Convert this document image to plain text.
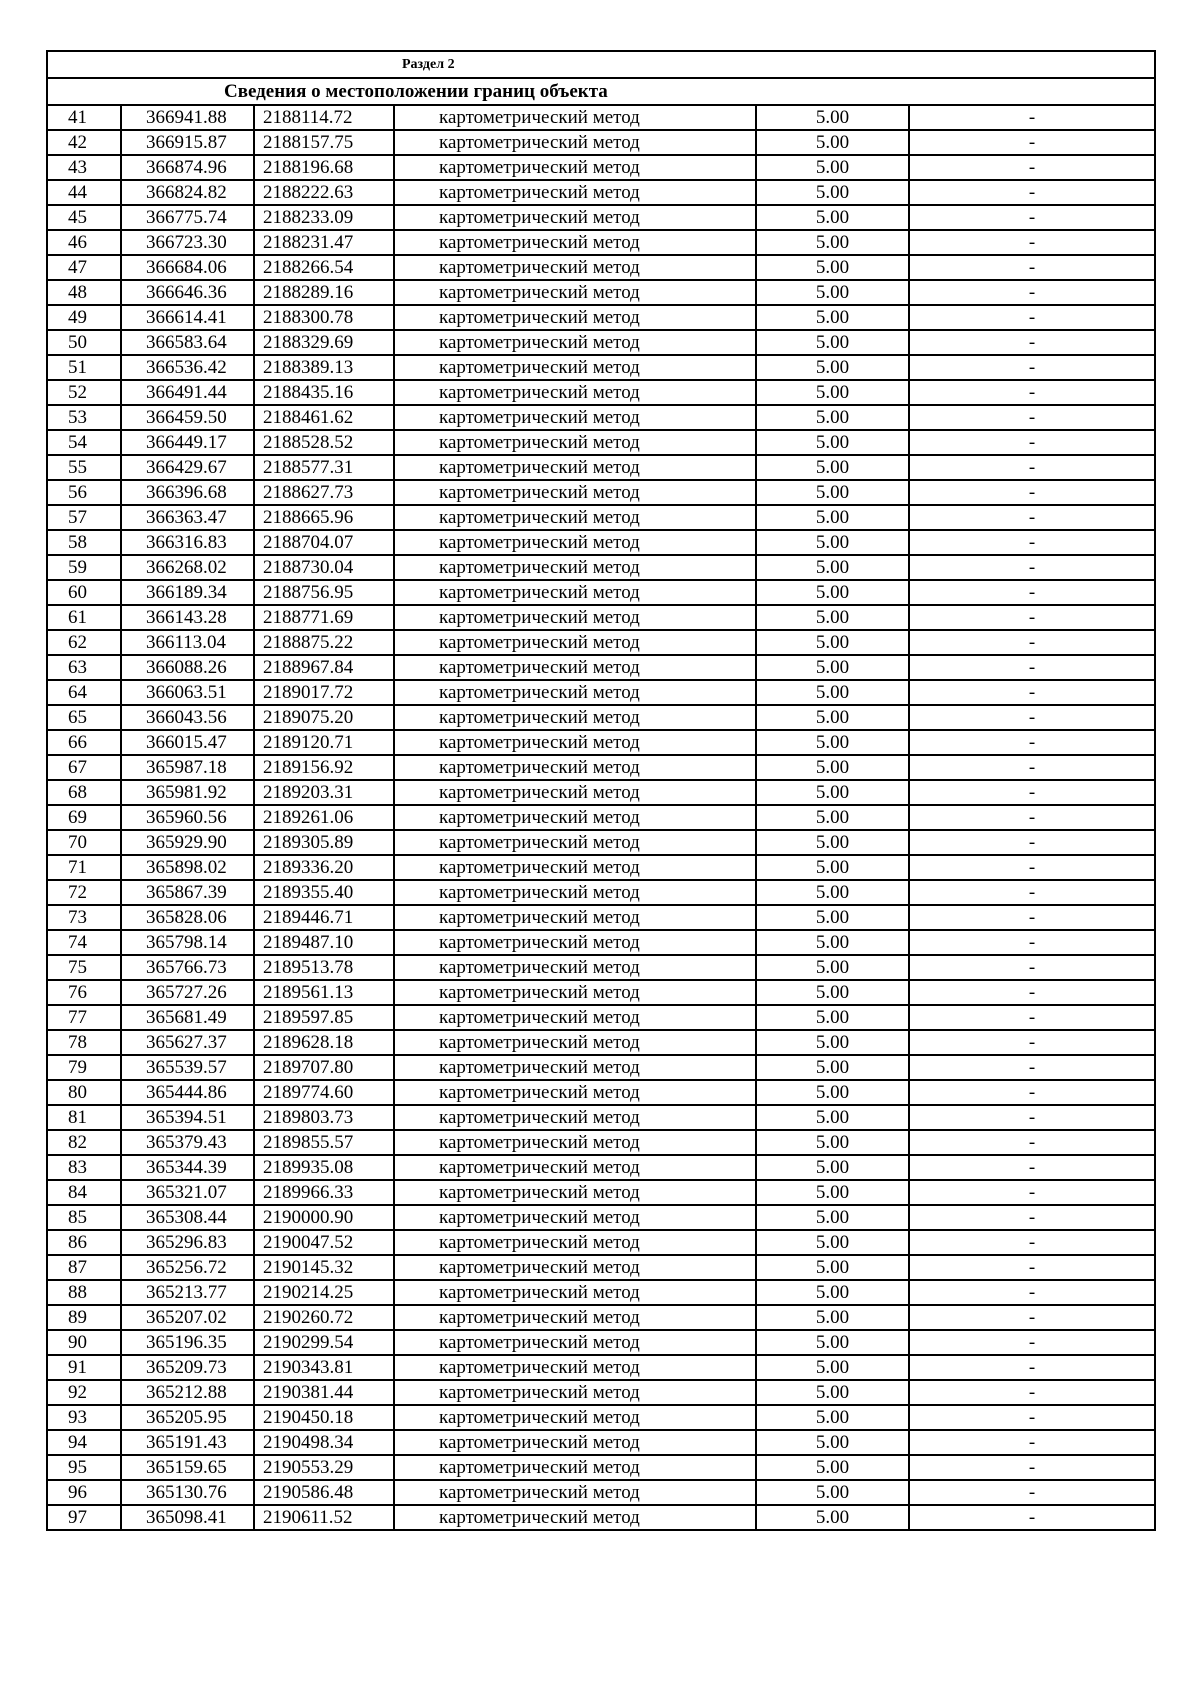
Раздел 2					
Сведения о местоположении границ объекта					
41	366941.88	2188114.72	картометрический метод	5.00	-
42	366915.87	2188157.75	картометрический метод	5.00	-
43	366874.96	2188196.68	картометрический метод	5.00	-
44	366824.82	2188222.63	картометрический метод	5.00	-
45	366775.74	2188233.09	картометрический метод	5.00	-
46	366723.30	2188231.47	картометрический метод	5.00	-
47	366684.06	2188266.54	картометрический метод	5.00	-
48	366646.36	2188289.16	картометрический метод	5.00	-
49	366614.41	2188300.78	картометрический метод	5.00	-
50	366583.64	2188329.69	картометрический метод	5.00	-
51	366536.42	2188389.13	картометрический метод	5.00	-
52	366491.44	2188435.16	картометрический метод	5.00	-
53	366459.50	2188461.62	картометрический метод	5.00	-
54	366449.17	2188528.52	картометрический метод	5.00	-
55	366429.67	2188577.31	картометрический метод	5.00	-
56	366396.68	2188627.73	картометрический метод	5.00	-
57	366363.47	2188665.96	картометрический метод	5.00	-
58	366316.83	2188704.07	картометрический метод	5.00	-
59	366268.02	2188730.04	картометрический метод	5.00	-
60	366189.34	2188756.95	картометрический метод	5.00	-
61	366143.28	2188771.69	картометрический метод	5.00	-
62	366113.04	2188875.22	картометрический метод	5.00	-
63	366088.26	2188967.84	картометрический метод	5.00	-
64	366063.51	2189017.72	картометрический метод	5.00	-
65	366043.56	2189075.20	картометрический метод	5.00	-
66	366015.47	2189120.71	картометрический метод	5.00	-
67	365987.18	2189156.92	картометрический метод	5.00	-
68	365981.92	2189203.31	картометрический метод	5.00	-
69	365960.56	2189261.06	картометрический метод	5.00	-
70	365929.90	2189305.89	картометрический метод	5.00	-
71	365898.02	2189336.20	картометрический метод	5.00	-
72	365867.39	2189355.40	картометрический метод	5.00	-
73	365828.06	2189446.71	картометрический метод	5.00	-
74	365798.14	2189487.10	картометрический метод	5.00	-
75	365766.73	2189513.78	картометрический метод	5.00	-
76	365727.26	2189561.13	картометрический метод	5.00	-
77	365681.49	2189597.85	картометрический метод	5.00	-
78	365627.37	2189628.18	картометрический метод	5.00	-
79	365539.57	2189707.80	картометрический метод	5.00	-
80	365444.86	2189774.60	картометрический метод	5.00	-
81	365394.51	2189803.73	картометрический метод	5.00	-
82	365379.43	2189855.57	картометрический метод	5.00	-
83	365344.39	2189935.08	картометрический метод	5.00	-
84	365321.07	2189966.33	картометрический метод	5.00	-
85	365308.44	2190000.90	картометрический метод	5.00	-
86	365296.83	2190047.52	картометрический метод	5.00	-
87	365256.72	2190145.32	картометрический метод	5.00	-
88	365213.77	2190214.25	картометрический метод	5.00	-
89	365207.02	2190260.72	картометрический метод	5.00	-
90	365196.35	2190299.54	картометрический метод	5.00	-
91	365209.73	2190343.81	картометрический метод	5.00	-
92	365212.88	2190381.44	картометрический метод	5.00	-
93	365205.95	2190450.18	картометрический метод	5.00	-
94	365191.43	2190498.34	картометрический метод	5.00	-
95	365159.65	2190553.29	картометрический метод	5.00	-
96	365130.76	2190586.48	картометрический метод	5.00	-
97	365098.41	2190611.52	картометрический метод	5.00	-
